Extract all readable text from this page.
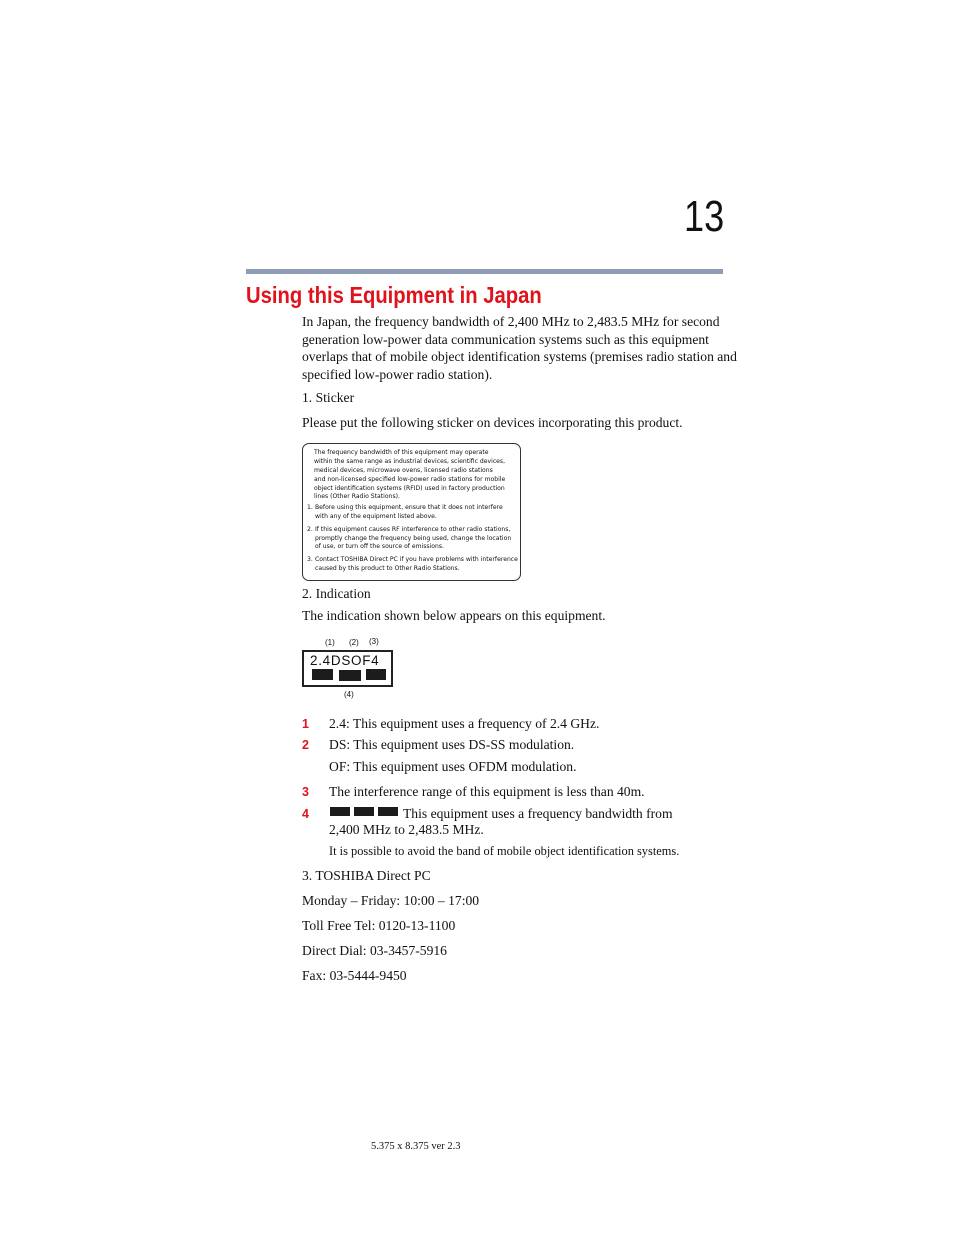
13
Using this Equipment in Japan
In Japan, the frequency bandwidth of 2,400 MHz to 2,483.5 MHz for second
generation low-power data communication systems such as this equipment
overlaps that of mobile object identification systems (premises radio station and
specified low-power radio station).
1. Sticker
Please put the following sticker on devices incorporating this product.
The frequency bandwidth of this equipment may operate
within the same range as industrial devices, scientific devices,
medical devices, microwave ovens, licensed radio stations
and non-licensed specified low-power radio stations for mobile
object identification systems (RFID) used in factory production
lines (Other Radio Stations).
1. Before using this equipment, ensure that it does not interfere
with any of the equipment listed above.
2. If this equipment causes RF interference to other radio stations,
promptly change the frequency being used, change the location
of use, or turn off the source of emissions.
3. Contact TOSHIBA Direct PC if you have problems with interference
caused by this product to Other Radio Stations.
2. Indication
The indication shown below appears on this equipment.
(1) (2) (3)
2.4DSOF4
(4)
1 2.4: This equipment uses a frequency of 2.4 GHz.
2 DS: This equipment uses DS-SS modulation.
OF: This equipment uses OFDM modulation.
3 The interference range of this equipment is less than 40m.
4	This equipment uses a frequency bandwidth from
2,400 MHz to 2,483.5 MHz.
It is possible to avoid the band of mobile object identification systems.
3. TOSHIBA Direct PC
Monday – Friday: 10:00 – 17:00
Toll Free Tel: 0120-13-1100
Direct Dial: 03-3457-5916
Fax: 03-5444-9450
5.375 x 8.375 ver 2.3
